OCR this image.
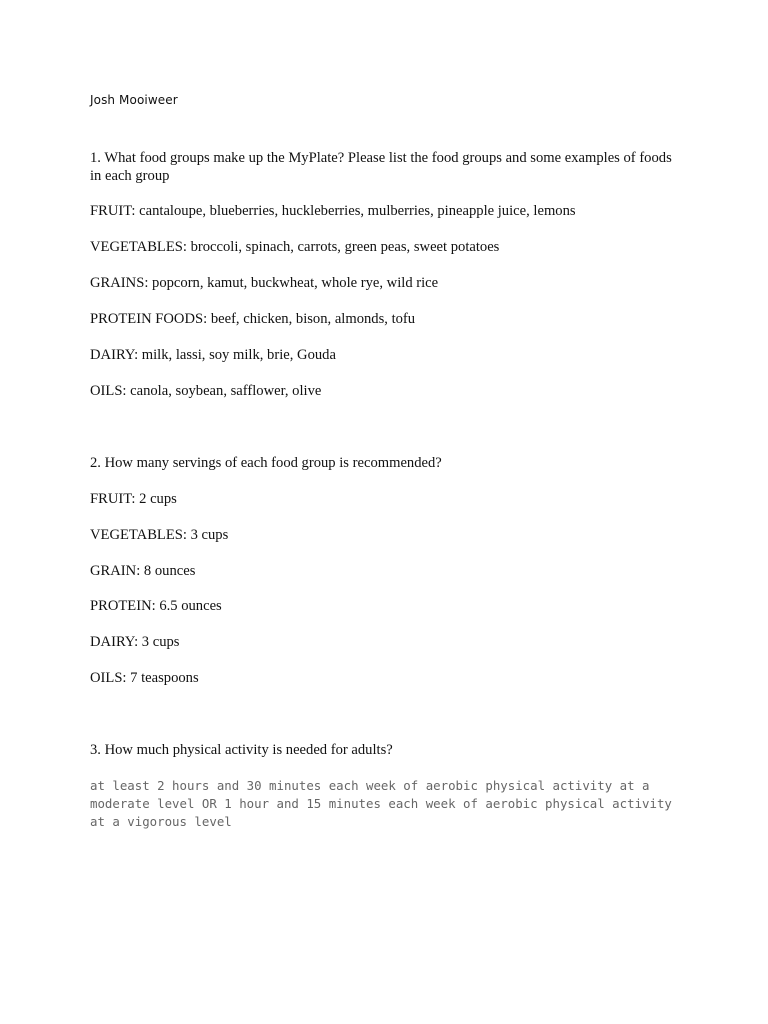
Josh Mooiweer
1. What food groups make up the MyPlate? Please list the food groups and some examples of foods in each group
FRUIT: cantaloupe, blueberries, huckleberries, mulberries, pineapple juice, lemons
VEGETABLES: broccoli, spinach, carrots, green peas, sweet potatoes
GRAINS: popcorn, kamut, buckwheat, whole rye, wild rice
PROTEIN FOODS: beef, chicken, bison, almonds, tofu
DAIRY: milk, lassi, soy milk, brie, Gouda
OILS: canola, soybean, safflower, olive
2. How many servings of each food group is recommended?
FRUIT: 2 cups
VEGETABLES: 3 cups
GRAIN: 8 ounces
PROTEIN: 6.5 ounces
DAIRY: 3 cups
OILS: 7 teaspoons
3. How much physical activity is needed for adults?
at least 2 hours and 30 minutes each week of aerobic physical activity at a moderate level OR 1 hour and 15 minutes each week of aerobic physical activity at a vigorous level
